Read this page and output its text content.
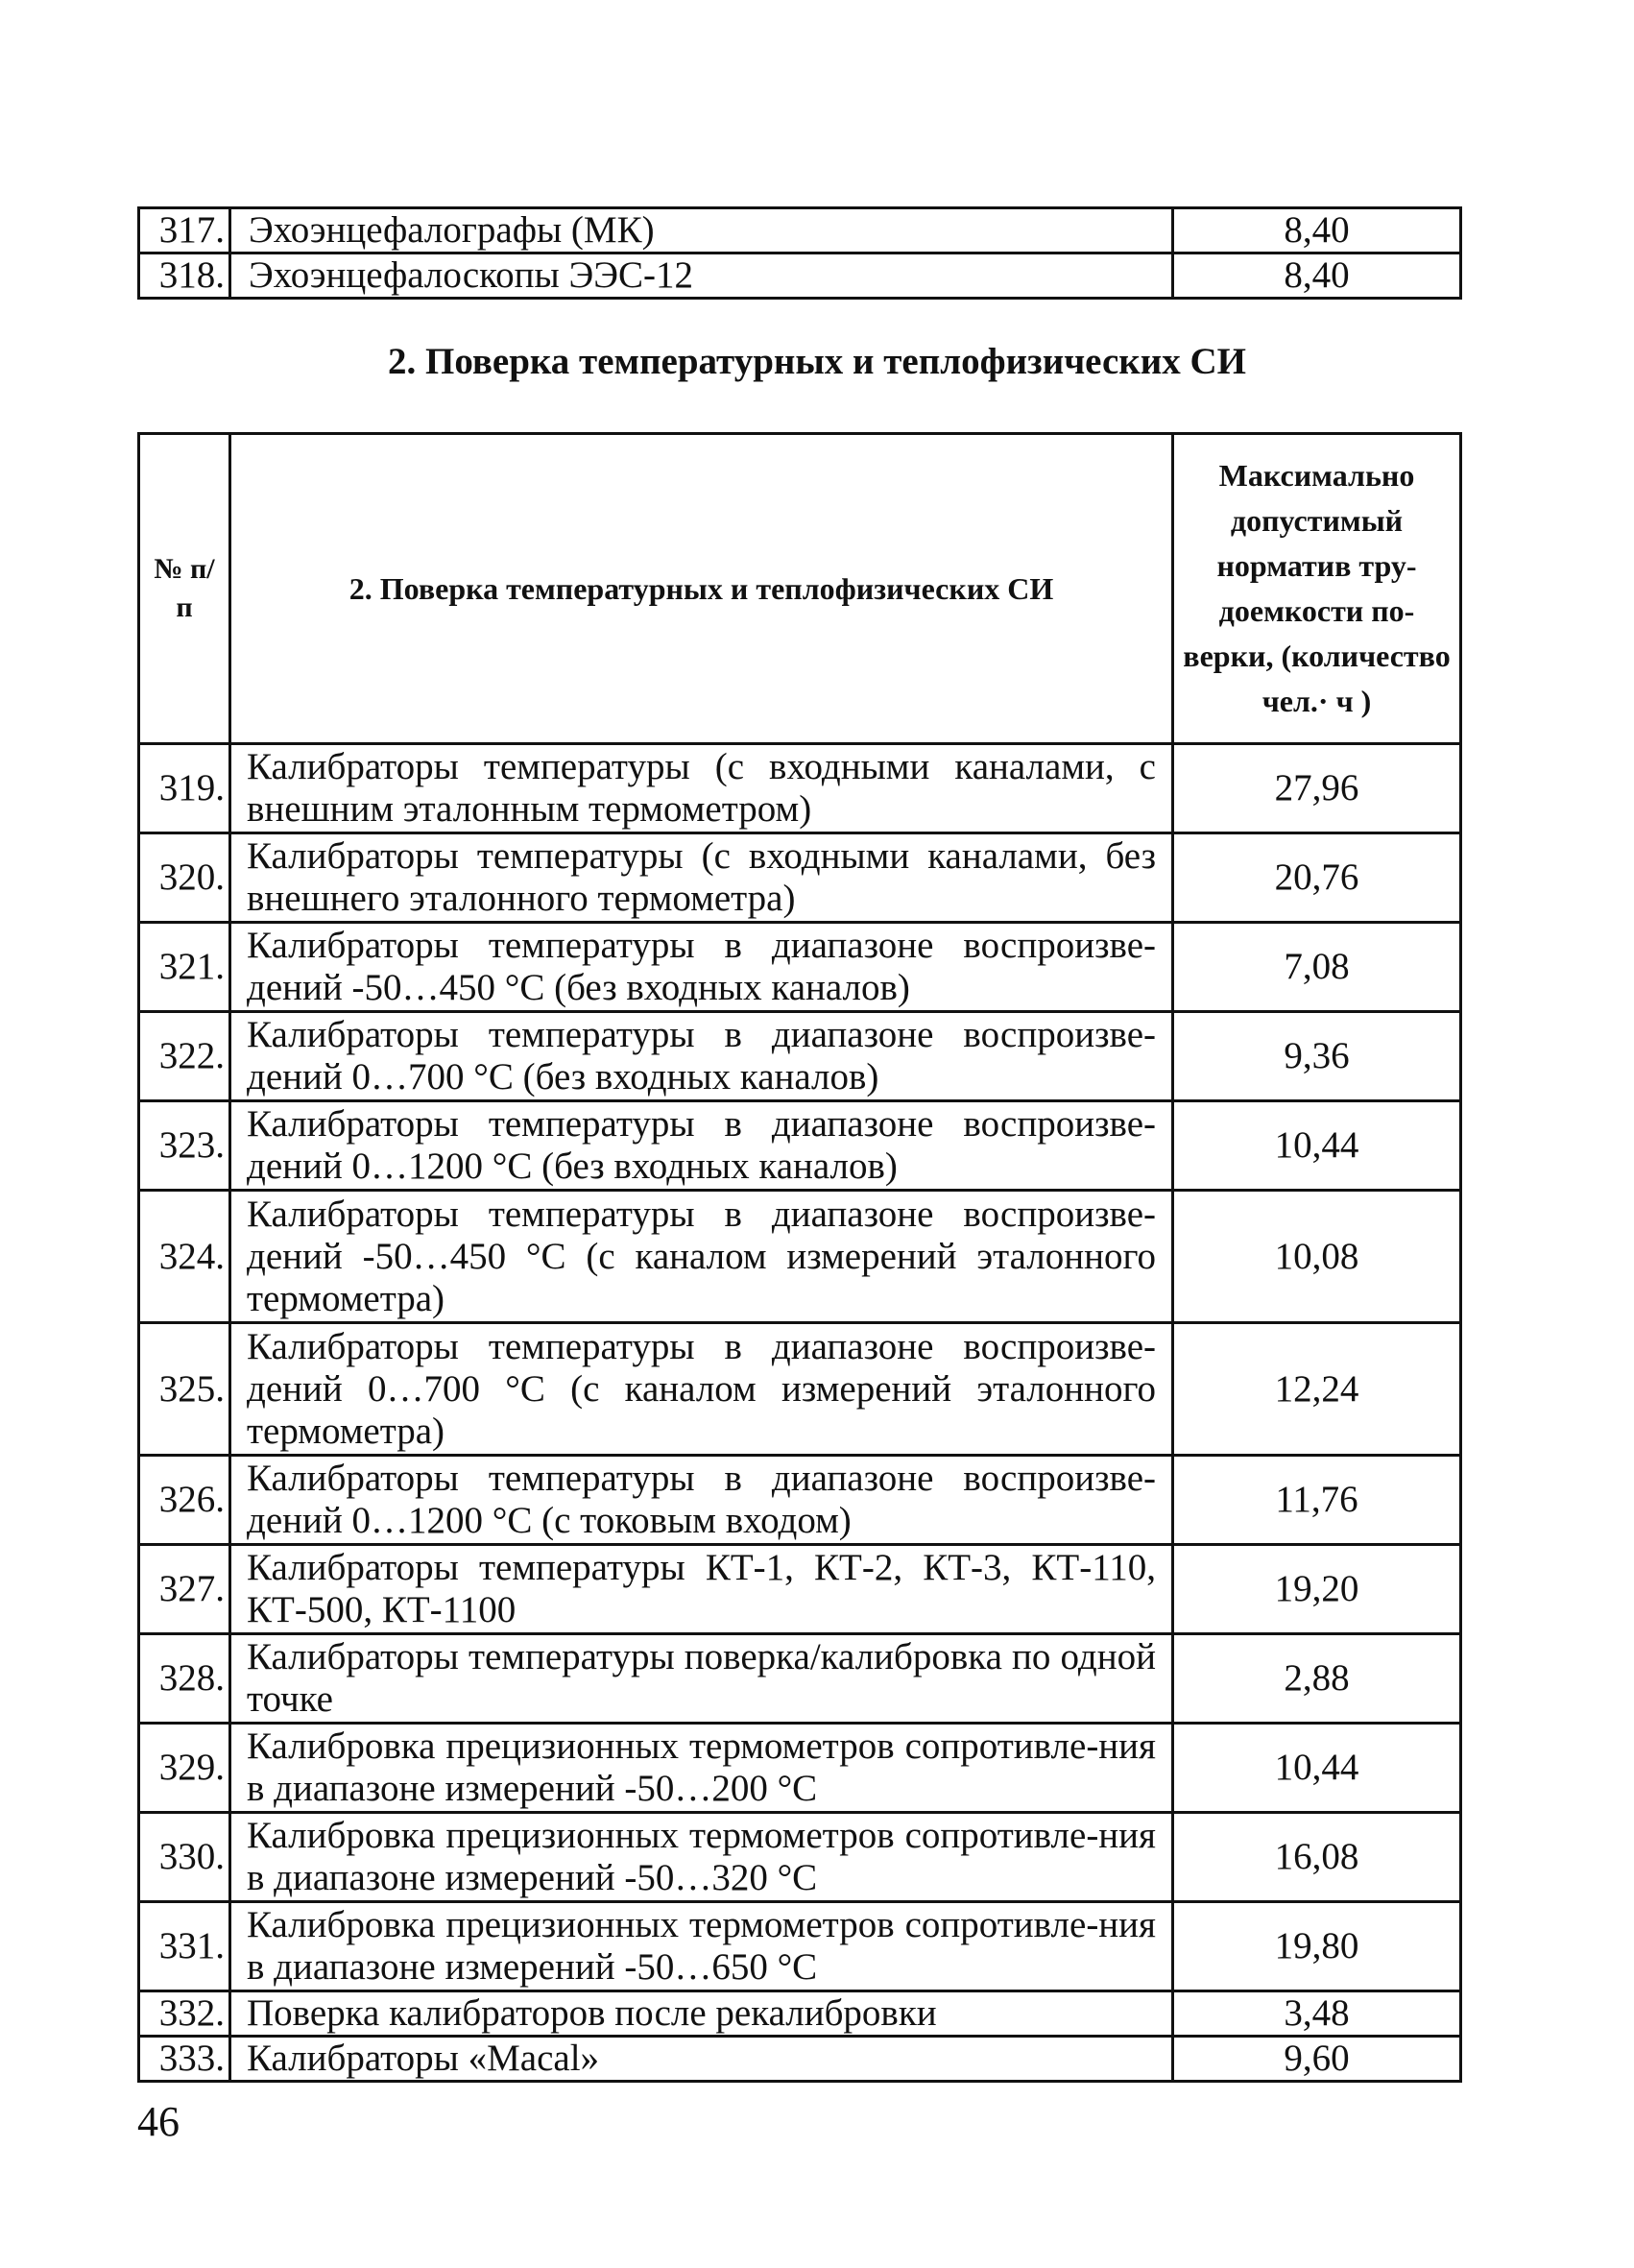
317.	Эхоэнцефалографы (МК)	8,40
318.	Эхоэнцефалоскопы ЭЭС-12	8,40
2. Поверка температурных и теплофизических СИ
№ п/п	2. Поверка температурных и теплофизических СИ	Максимально допустимый норматив тру-доемкости по-верки, (количество чел.· ч )
319.	Калибраторы температуры (с входными каналами, с внешним эталонным термометром)	27,96
320.	Калибраторы температуры (с входными каналами, без внешнего эталонного термометра)	20,76
321.	Калибраторы температуры в диапазоне воспроизве-дений -50…450 °С (без входных каналов)	7,08
322.	Калибраторы температуры в диапазоне воспроизве-дений 0…700 °С (без входных каналов)	9,36
323.	Калибраторы температуры в диапазоне воспроизве-дений 0…1200 °С (без входных каналов)	10,44
324.	Калибраторы температуры в диапазоне воспроизве-дений -50…450 °С (с каналом измерений эталонного термометра)	10,08
325.	Калибраторы температуры в диапазоне воспроизве-дений 0…700 °С (с каналом измерений эталонного термометра)	12,24
326.	Калибраторы температуры в диапазоне воспроизве-дений 0…1200 °С (с токовым входом)	11,76
327.	Калибраторы температуры КТ-1, КТ-2, КТ-3, КТ-110, КТ-500, КТ-1100	19,20
328.	Калибраторы температуры поверка/калибровка по одной точке	2,88
329.	Калибровка прецизионных термометров сопротивле-ния в диапазоне измерений -50…200 °С	10,44
330.	Калибровка прецизионных термометров сопротивле-ния в диапазоне измерений -50…320 °С	16,08
331.	Калибровка прецизионных термометров сопротивле-ния в диапазоне измерений -50…650 °С	19,80
332.	Поверка калибраторов после рекалибровки	3,48
333.	Калибраторы «Macal»	9,60

46
